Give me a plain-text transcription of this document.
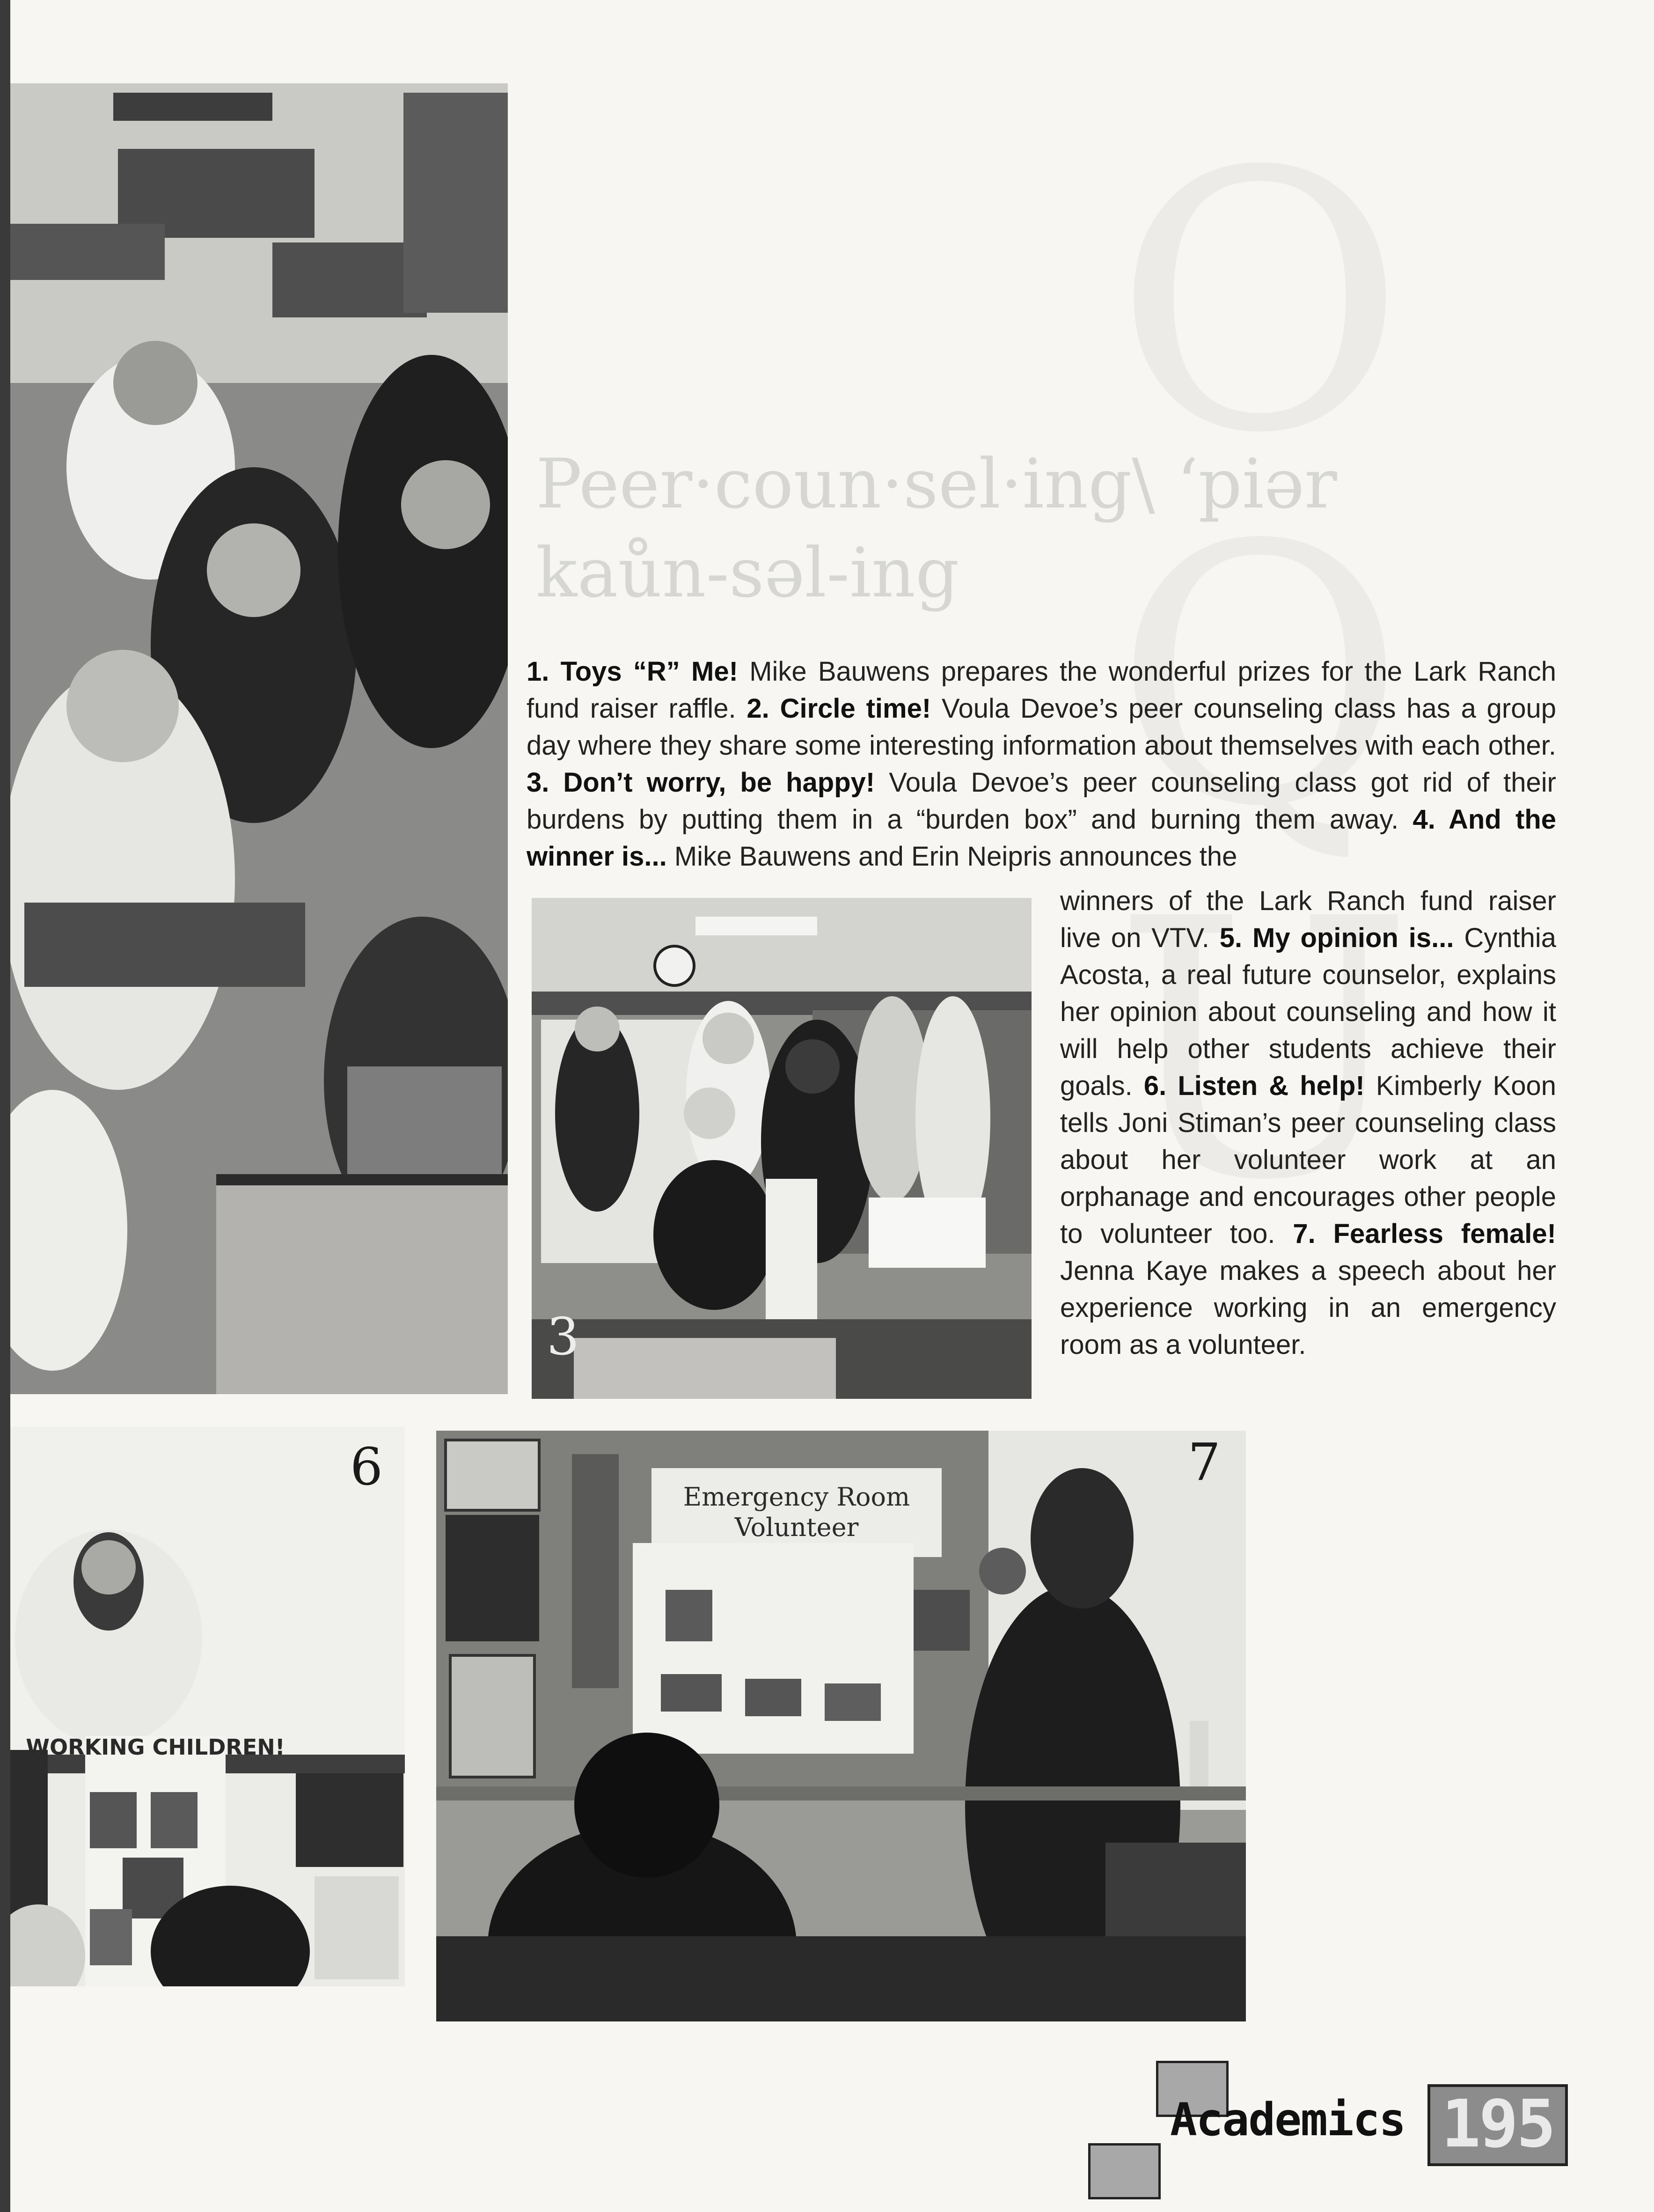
3
Peer·coun·sel·ing\ ‘piər
kaůn-səl-ing

1. Toys “R” Me! Mike Bauwens prepares the wonderful prizes for the Lark Ranch fund raiser raffle. 2. Circle time! Voula Devoe’s peer counseling class has a group day where they share some interesting information about themselves with each other. 3. Don’t worry, be happy! Voula Devoe’s peer counseling class got rid of their burdens by putting them in a “burden box” and burning them away. 4. And the winner is... Mike Bauwens and Erin Neipris announces the

winners of the Lark Ranch fund raiser live on VTV. 5. My opinion is... Cynthia Acosta, a real future counselor, explains her opinion about counseling and how it will help other students achieve their goals. 6. Listen & help! Kimberly Koon tells Joni Stiman’s peer counseling class about her volunteer work at an orphanage and encourages other people to volunteer too. 7. Fearless female! Jenna Kaye makes a speech about her experience working in an emergency room as a volunteer.

WORKING CHILDREN!
6
Emergency Room
Volunteer
7
Academics 195
